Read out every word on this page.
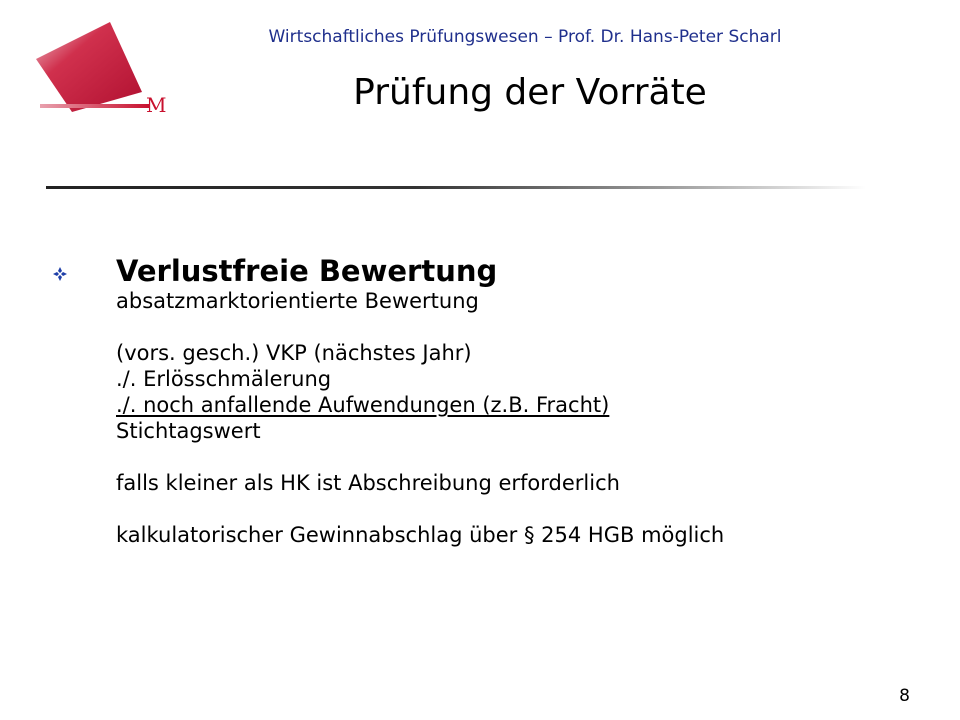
M
Wirtschaftliches Prüfungswesen – Prof. Dr. Hans-Peter Scharl
Prüfung der Vorräte
Verlustfreie Bewertung
absatzmarktorientierte Bewertung
(vors. gesch.) VKP (nächstes Jahr)
./. Erlösschmälerung
./. noch anfallende Aufwendungen (z.B. Fracht)
Stichtagswert
falls kleiner als HK ist Abschreibung erforderlich
kalkulatorischer Gewinnabschlag über § 254 HGB möglich
8
